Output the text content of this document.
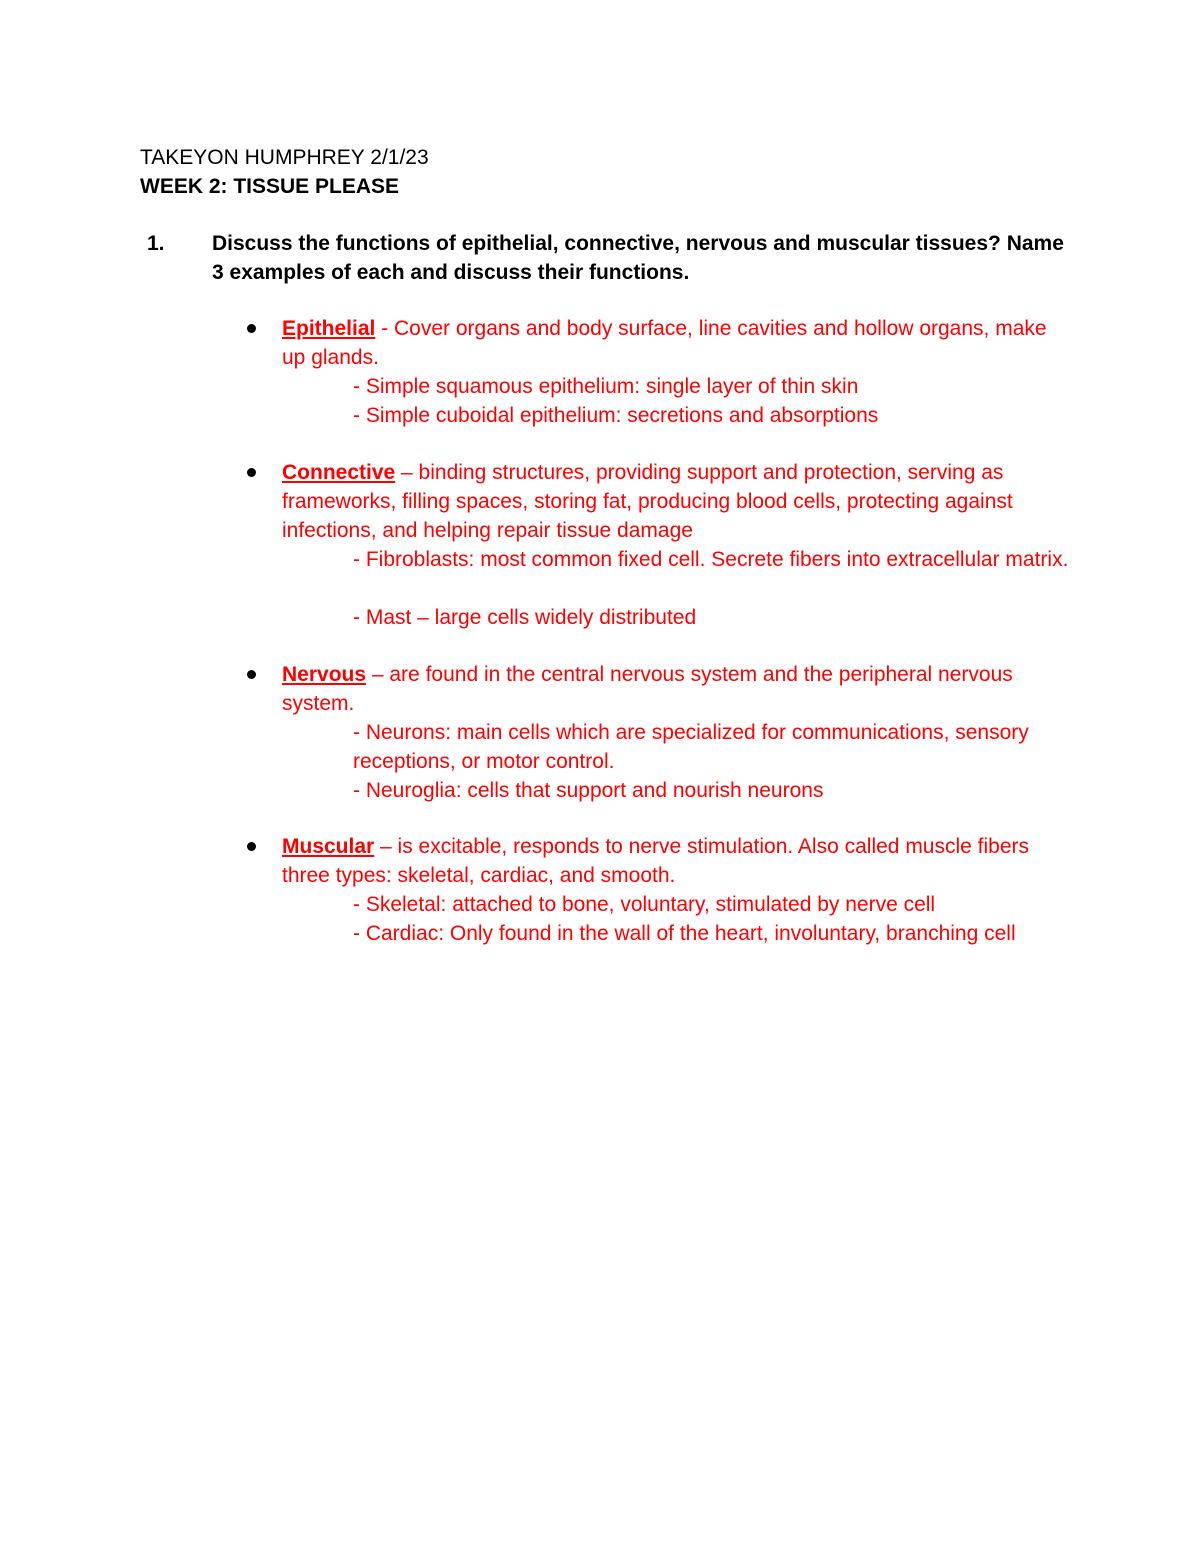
TAKEYON HUMPHREY 2/1/23
WEEK 2: TISSUE PLEASE
1. Discuss the functions of epithelial, connective, nervous and muscular tissues? Name 3 examples of each and discuss their functions.
Epithelial - Cover organs and body surface, line cavities and hollow organs, make up glands.
- Simple squamous epithelium: single layer of thin skin
- Simple cuboidal epithelium: secretions and absorptions
Connective – binding structures, providing support and protection, serving as frameworks, filling spaces, storing fat, producing blood cells, protecting against infections, and helping repair tissue damage
- Fibroblasts: most common fixed cell. Secrete fibers into extracellular matrix.
- Mast – large cells widely distributed
Nervous – are found in the central nervous system and the peripheral nervous system.
- Neurons: main cells which are specialized for communications, sensory receptions, or motor control.
- Neuroglia: cells that support and nourish neurons
Muscular – is excitable, responds to nerve stimulation. Also called muscle fibers three types: skeletal, cardiac, and smooth.
- Skeletal: attached to bone, voluntary, stimulated by nerve cell
- Cardiac: Only found in the wall of the heart, involuntary, branching cell
